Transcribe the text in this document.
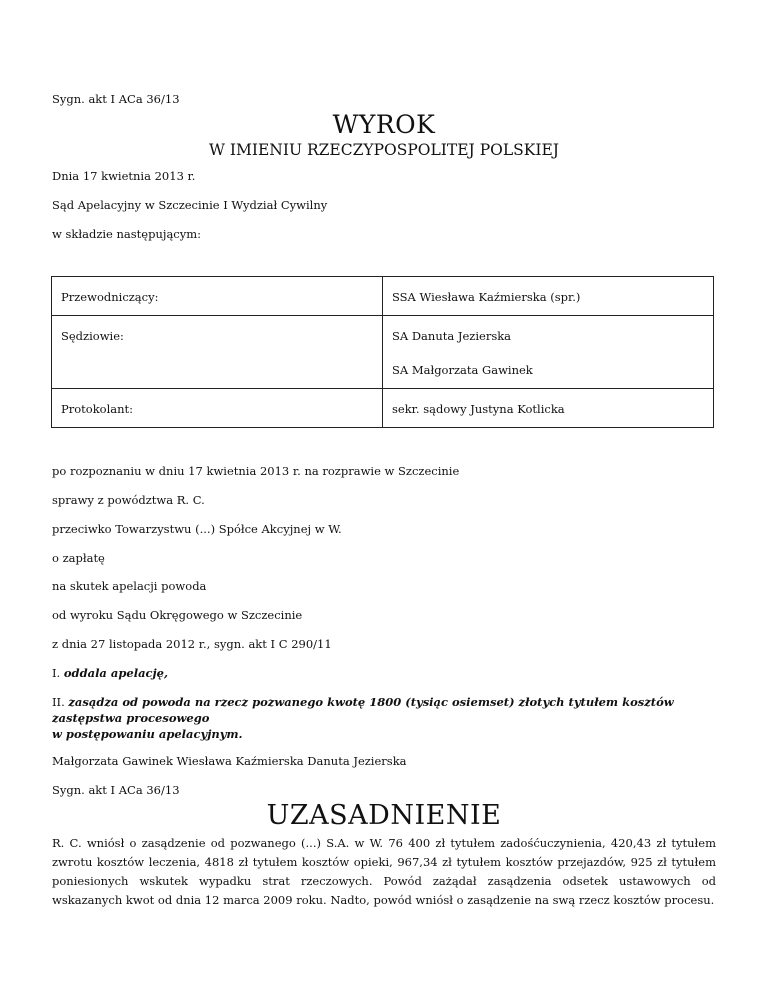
Sygn. akt I ACa 36/13
WYROK
W IMIENIU RZECZYPOSPOLITEJ POLSKIEJ
Dnia 17 kwietnia 2013 r.
Sąd Apelacyjny w Szczecinie I Wydział Cywilny
w składzie następującym:
Przewodniczący:	SSA Wiesława Kaźmierska (spr.)

Sędziowie:	SA Danuta Jezierska
SA Małgorzata Gawinek

Protokolant:	sekr. sądowy Justyna Kotlicka
po rozpoznaniu w dniu 17 kwietnia 2013 r. na rozprawie w Szczecinie
sprawy z powództwa R. C.
przeciwko Towarzystwu (...) Spółce Akcyjnej w W.
o zapłatę
na skutek apelacji powoda
od wyroku Sądu Okręgowego w Szczecinie
z dnia 27 listopada 2012 r., sygn. akt I C 290/11
I. oddala apelację,
II. zasądza od powoda na rzecz pozwanego kwotę 1800 (tysiąc osiemset) złotych tytułem kosztów
zastępstwa procesowego
w postępowaniu apelacyjnym.
Małgorzata Gawinek Wiesława Kaźmierska Danuta Jezierska
Sygn. akt I ACa 36/13
UZASADNIENIE
R. C. wniósł o zasądzenie od pozwanego (...) S.A. w W. 76 400 zł tytułem zadośćuczynienia, 420,43 zł tytułem zwrotu kosztów leczenia, 4818 zł tytułem kosztów opieki, 967,34 zł tytułem kosztów przejazdów, 925 zł tytułem poniesionych wskutek wypadku strat rzeczowych. Powód zażądał zasądzenia odsetek ustawowych od wskazanych kwot od dnia 12 marca 2009 roku. Nadto, powód wniósł o zasądzenie na swą rzecz kosztów procesu.
